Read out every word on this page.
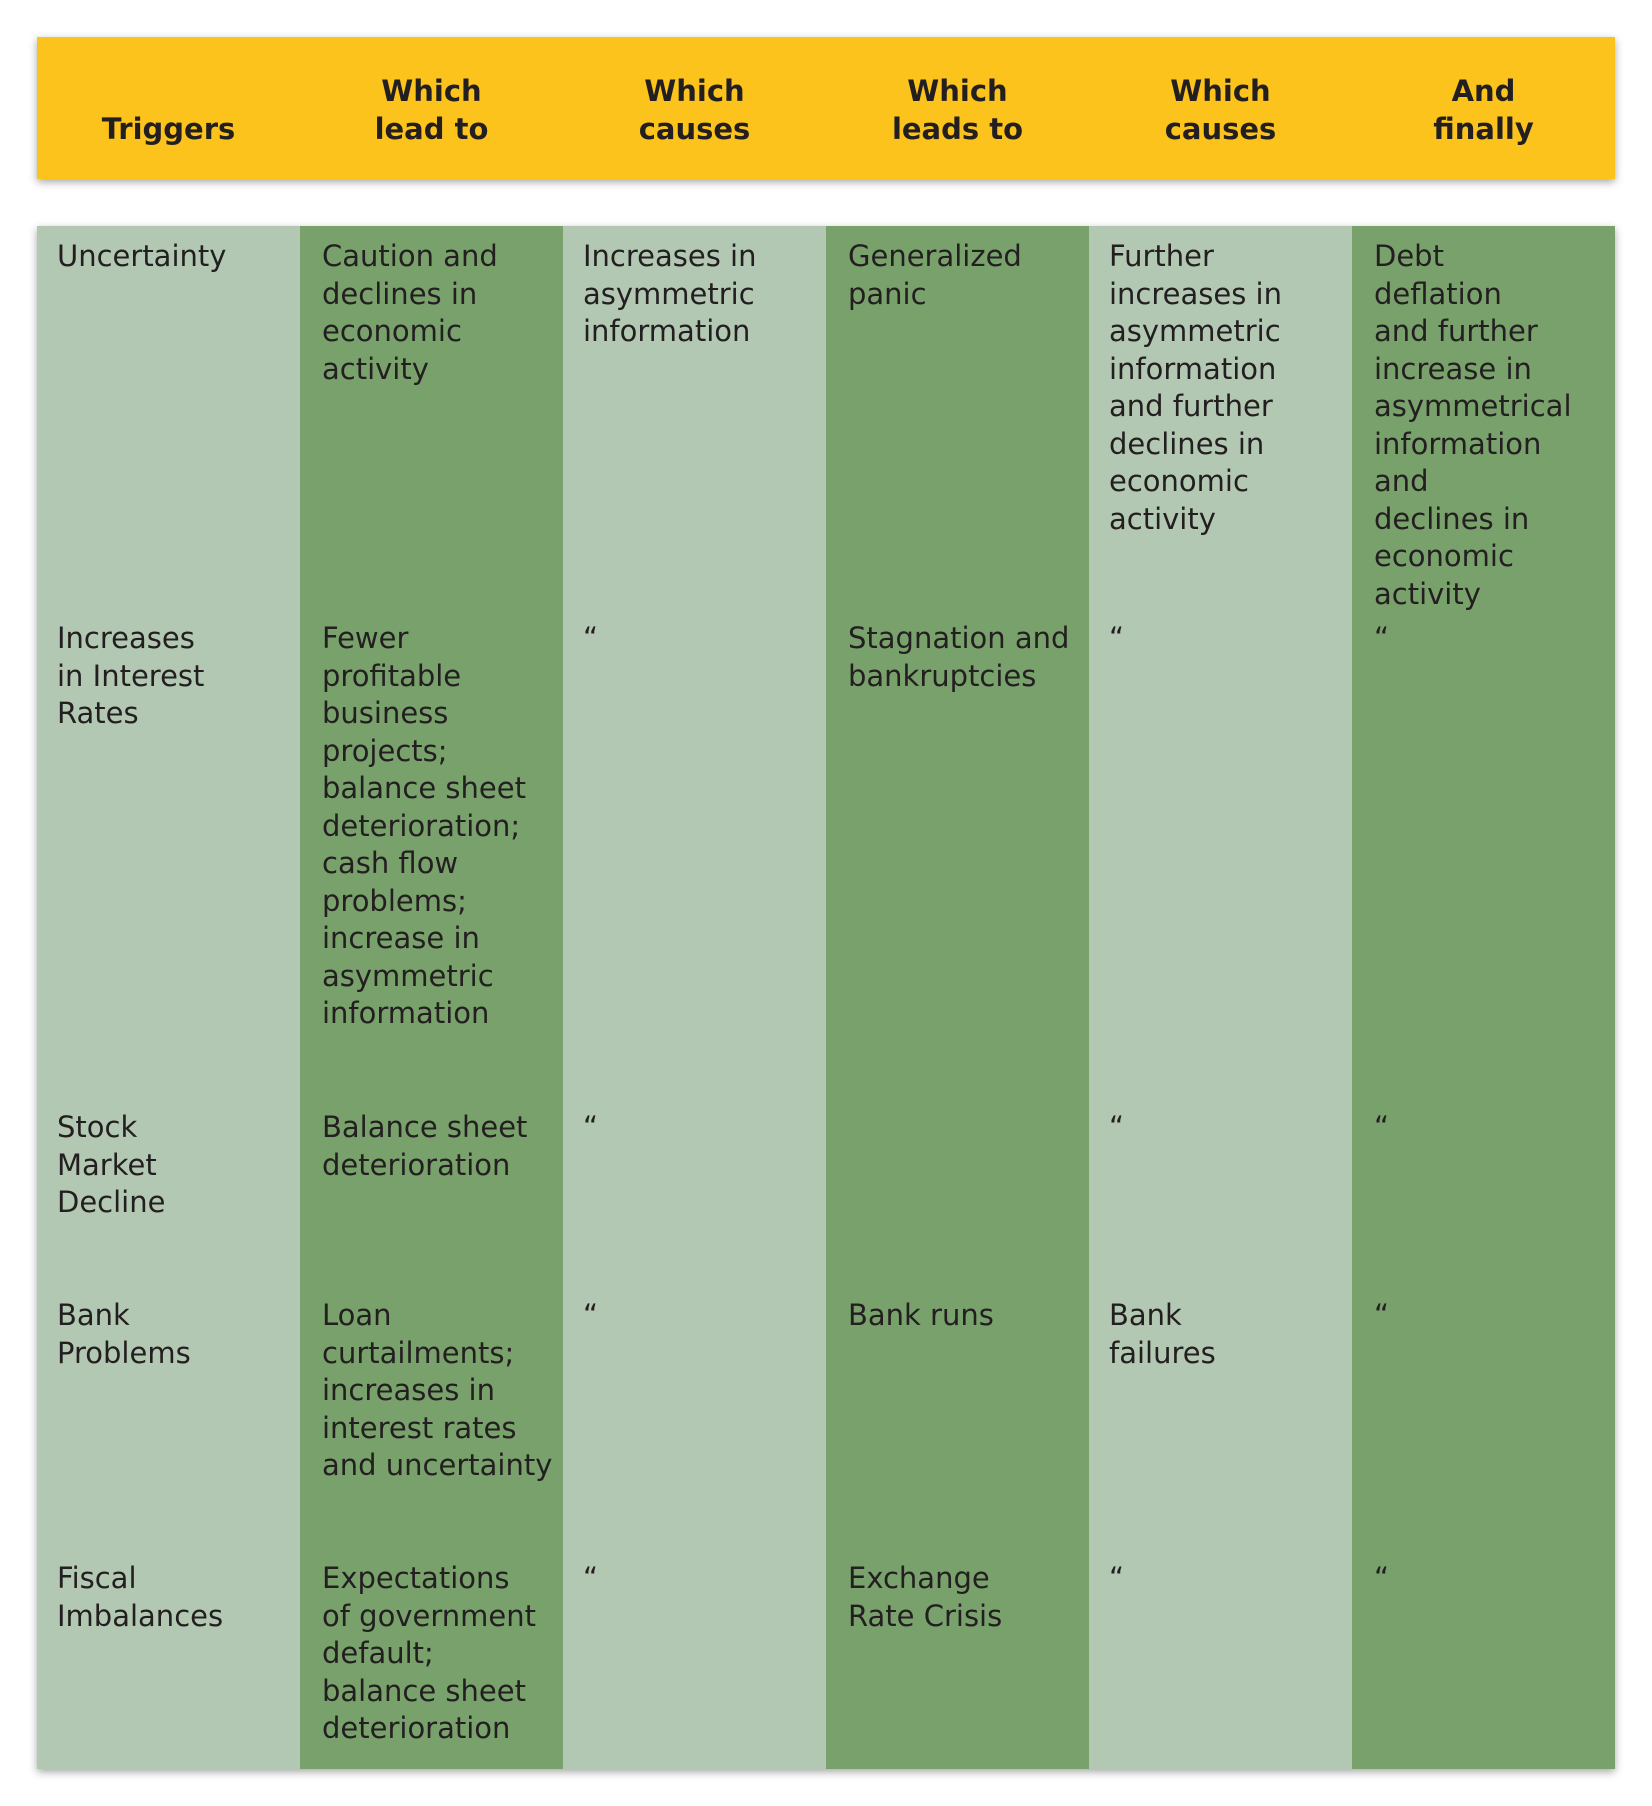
Triggers
Which
lead to
Which
causes
Which
leads to
Which
causes
And
finally
Uncertainty
Increases
in Interest
Rates
Stock
Market
Decline
Bank
Problems
Fiscal
Imbalances
Caution and
declines in
economic
activity
Fewer
profitable
business
projects;
balance sheet
deterioration;
cash flow
problems;
increase in
asymmetric
information
Balance sheet
deterioration
Loan
curtailments;
increases in
interest rates
and uncertainty
Expectations
of government
default;
balance sheet
deterioration
Increases in
asymmetric
information
“
“
“
“
Generalized
panic
Stagnation and
bankruptcies
Bank runs
Exchange
Rate Crisis
Further
increases in
asymmetric
information
and further
declines in
economic
activity
“
“
Bank
failures
“
Debt
deflation
and further
increase in
asymmetrical
information and
declines in
economic
activity
“
“
“
“
